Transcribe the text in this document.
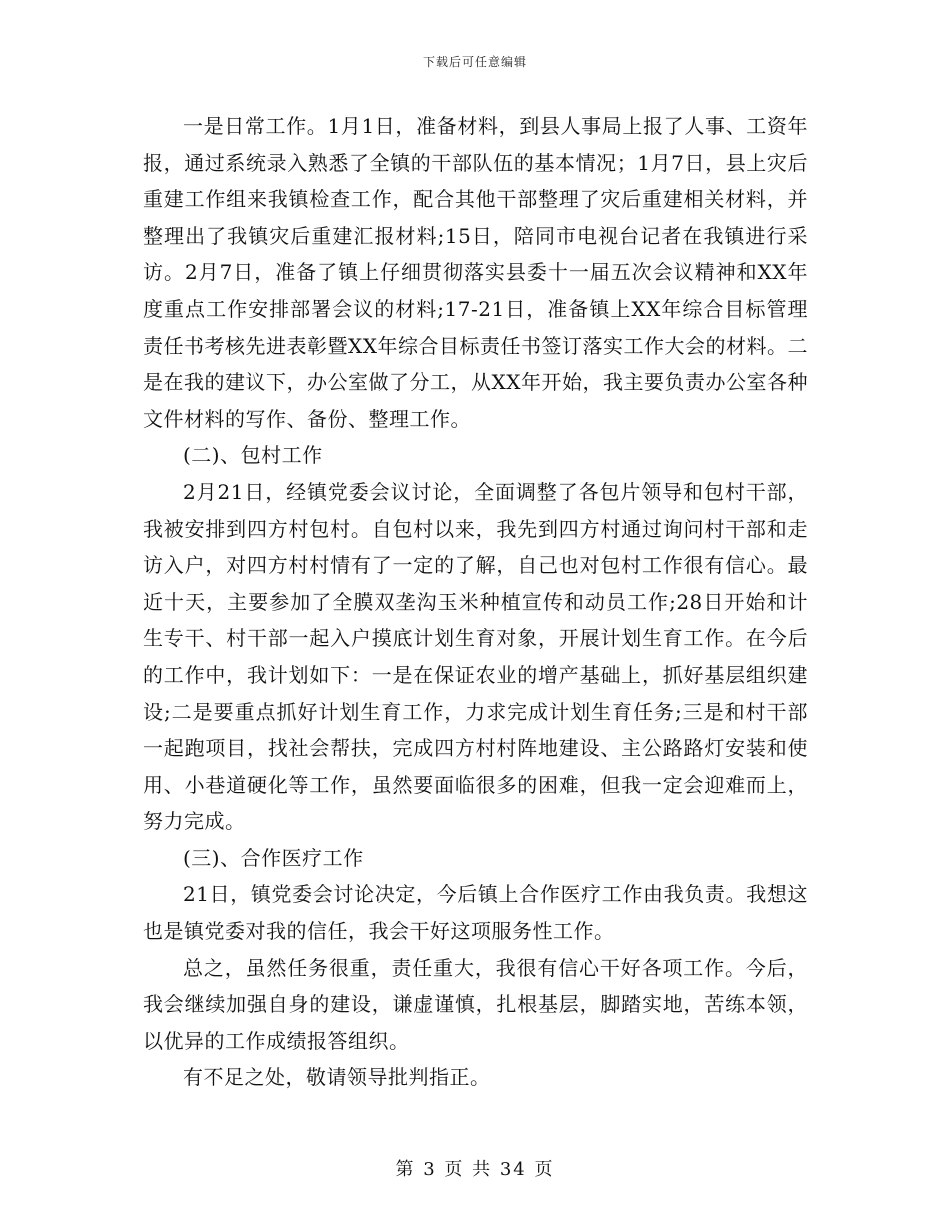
下载后可任意编辑

一是日常工作。1月1日，准备材料，到县人事局上报了人事、工资年报，通过系统录入熟悉了全镇的干部队伍的基本情况；1月7日，县上灾后重建工作组来我镇检查工作，配合其他干部整理了灾后重建相关材料，并整理出了我镇灾后重建汇报材料;15日，陪同市电视台记者在我镇进行采访。2月7日，准备了镇上仔细贯彻落实县委十一届五次会议精神和XX年度重点工作安排部署会议的材料;17-21日，准备镇上XX年综合目标管理责任书考核先进表彰暨XX年综合目标责任书签订落实工作大会的材料。二是在我的建议下，办公室做了分工，从XX年开始，我主要负责办公室各种文件材料的写作、备份、整理工作。

(二)、包村工作

2月21日，经镇党委会议讨论，全面调整了各包片领导和包村干部，我被安排到四方村包村。自包村以来，我先到四方村通过询问村干部和走访入户，对四方村村情有了一定的了解，自己也对包村工作很有信心。最近十天，主要参加了全膜双垄沟玉米种植宣传和动员工作;28日开始和计生专干、村干部一起入户摸底计划生育对象，开展计划生育工作。在今后的工作中，我计划如下：一是在保证农业的增产基础上，抓好基层组织建设;二是要重点抓好计划生育工作，力求完成计划生育任务;三是和村干部一起跑项目，找社会帮扶，完成四方村村阵地建设、主公路路灯安装和使用、小巷道硬化等工作，虽然要面临很多的困难，但我一定会迎难而上，努力完成。

(三)、合作医疗工作

21日，镇党委会讨论决定，今后镇上合作医疗工作由我负责。我想这也是镇党委对我的信任，我会干好这项服务性工作。

总之，虽然任务很重，责任重大，我很有信心干好各项工作。今后，我会继续加强自身的建设，谦虚谨慎，扎根基层，脚踏实地，苦练本领，以优异的工作成绩报答组织。

有不足之处，敬请领导批判指正。

第 3 页 共 34 页
